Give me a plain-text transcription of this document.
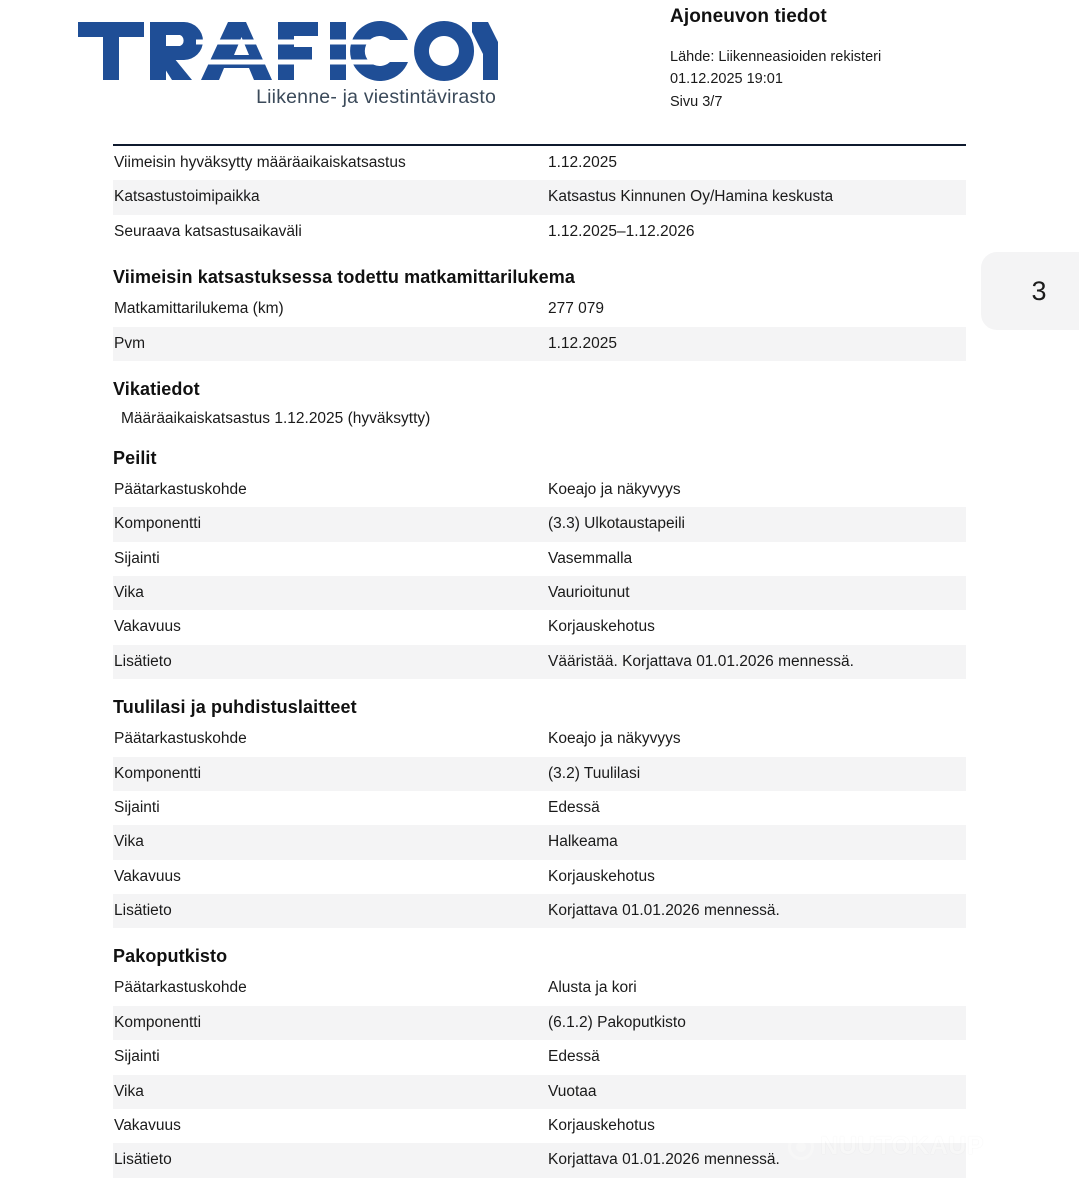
Liikenne- ja viestintävirasto
Ajoneuvon tiedot
Lähde: Liikenneasioiden rekisteri
01.12.2025 19:01
Sivu 3/7
3
Viimeisin hyväksytty määräaikaiskatsastus	1.12.2025
Katsastustoimipaikka	Katsastus Kinnunen Oy/Hamina keskusta
Seuraava katsastusaikaväli	1.12.2025–1.12.2026
Viimeisin katsastuksessa todettu matkamittarilukema
Matkamittarilukema (km)	277 079
Pvm	1.12.2025
Vikatiedot
Määräaikaiskatsastus 1.12.2025 (hyväksytty)
Peilit
Päätarkastuskohde	Koeajo ja näkyvyys
Komponentti	(3.3) Ulkotaustapeili
Sijainti	Vasemmalla
Vika	Vaurioitunut
Vakavuus	Korjauskehotus
Lisätieto	Vääristää. Korjattava 01.01.2026 mennessä.
Tuulilasi ja puhdistuslaitteet
Päätarkastuskohde	Koeajo ja näkyvyys
Komponentti	(3.2) Tuulilasi
Sijainti	Edessä
Vika	Halkeama
Vakavuus	Korjauskehotus
Lisätieto	Korjattava 01.01.2026 mennessä.
Pakoputkisto
Päätarkastuskohde	Alusta ja kori
Komponentti	(6.1.2) Pakoputkisto
Sijainti	Edessä
Vika	Vuotaa
Vakavuus	Korjauskehotus
Lisätieto	Korjattava 01.01.2026 mennessä. NUUTOKAUP
